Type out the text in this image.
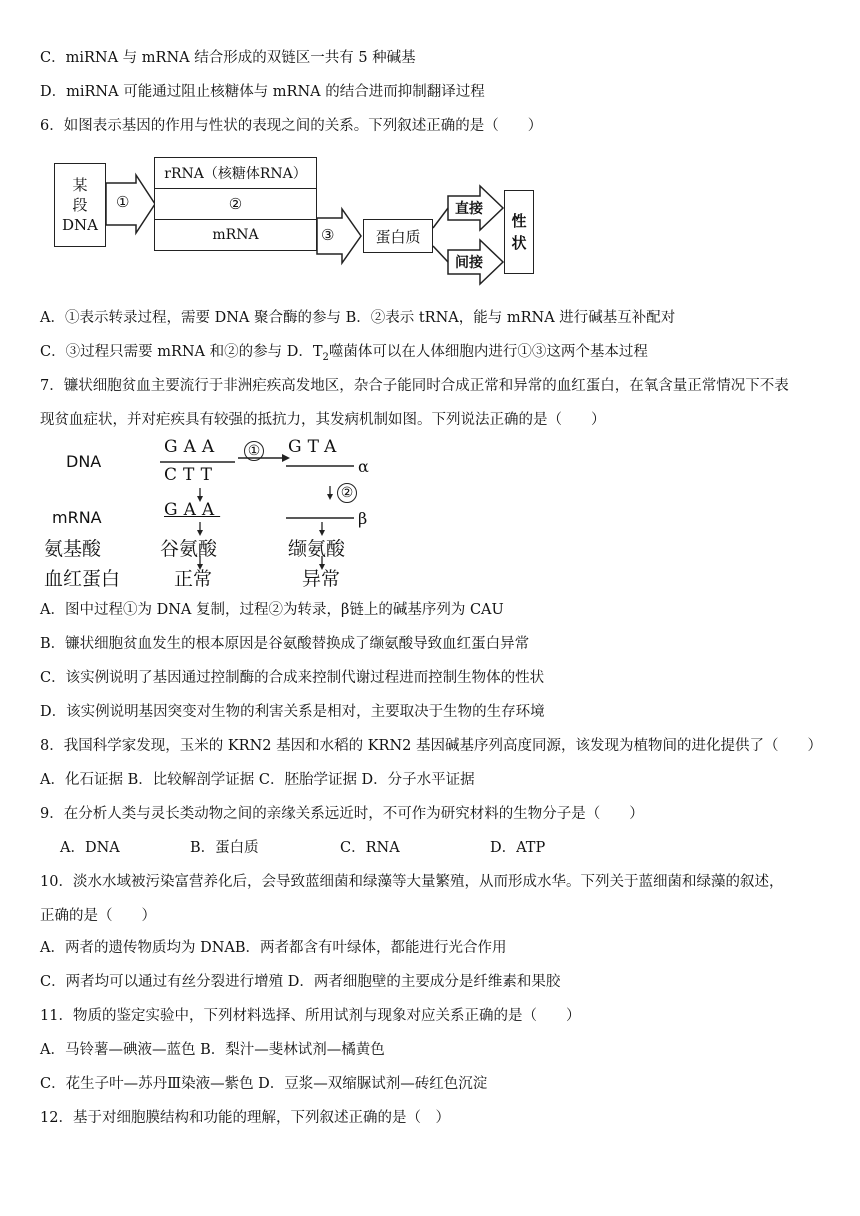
C．miRNA 与 mRNA 结合形成的双链区一共有 5 种碱基
D．miRNA 可能通过阻止核糖体与 mRNA 的结合进而抑制翻译过程
6．如图表示基因的作用与性状的表现之间的关系。下列叙述正确的是（　　）
某
段
DNA
①
rRNA（核糖体RNA）
②
mRNA	③	蛋白质
直接
间接
性
状
A．①表示转录过程，需要 DNA 聚合酶的参与 B．②表示 tRNA，能与 mRNA 进行碱基互补配对
C．③过程只需要 mRNA 和②的参与 D．$T_2$噬菌体可以在人体细胞内进行①③这两个基本过程
7．镰状细胞贫血主要流行于非洲疟疾高发地区，杂合子能同时合成正常和异常的血红蛋白，在氧含量正常情况下不表
现贫血症状，并对疟疾具有较强的抵抗力，其发病机制如图。下列说法正确的是（　　）
DNA
mRNA
氨基酸
血红蛋白
GAA
CTT
① GTA
α
②
β
GAA
谷氨酸	缬氨酸
正常	异常
A．图中过程①为 DNA 复制，过程②为转录，β链上的碱基序列为 CAU
B．镰状细胞贫血发生的根本原因是谷氨酸替换成了缬氨酸导致血红蛋白异常
C．该实例说明了基因通过控制酶的合成来控制代谢过程进而控制生物体的性状
D．该实例说明基因突变对生物的利害关系是相对，主要取决于生物的生存环境
8．我国科学家发现，玉米的 KRN2 基因和水稻的 KRN2 基因碱基序列高度同源，该发现为植物间的进化提供了（　　）
A．化石证据 B．比较解剖学证据 C．胚胎学证据 D．分子水平证据
9．在分析人类与灵长类动物之间的亲缘关系远近时，不可作为研究材料的生物分子是（　　）
A．DNA	B．蛋白质	C．RNA	D．ATP
10．淡水水域被污染富营养化后，会导致蓝细菌和绿藻等大量繁殖，从而形成水华。下列关于蓝细菌和绿藻的叙述，
正确的是（　　）
A．两者的遗传物质均为 DNAB．两者都含有叶绿体，都能进行光合作用
C．两者均可以通过有丝分裂进行增殖 D．两者细胞壁的主要成分是纤维素和果胶
11．物质的鉴定实验中，下列材料选择、所用试剂与现象对应关系正确的是（　　）
A．马铃薯—碘液—蓝色 B．梨汁—斐林试剂—橘黄色
C．花生子叶—苏丹Ⅲ染液—紫色 D．豆浆—双缩脲试剂—砖红色沉淀
12．基于对细胞膜结构和功能的理解，下列叙述正确的是（　）
